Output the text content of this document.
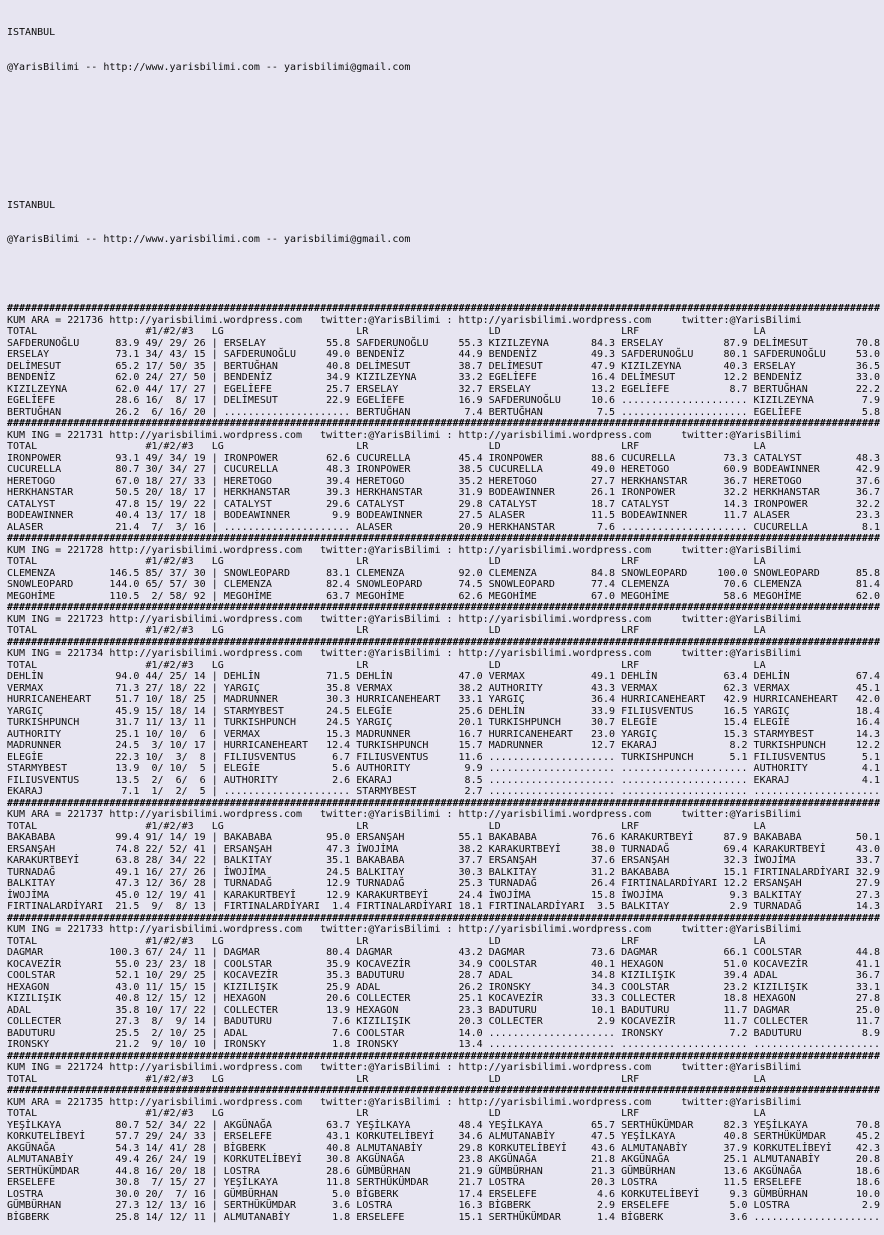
ISTANBUL

@YarisBilimi -- http://www.yarisbilimi.com -- yarisbilimi@gmail.com

ISTANBUL

@YarisBilimi -- http://www.yarisbilimi.com -- yarisbilimi@gmail.com

#################################################################################################################################################
KUM ARA = 221736 http://yarisbilimi.wordpress.com   twitter:@YarisBilimi : http://yarisbilimi.wordpress.com     twitter:@YarisBilimi
TOTAL                  #1/#2/#3   LG                      LR                    LD                    LRF                   LA
SAFDERUNOĞLU      83.9 49/ 29/ 26 | ERSELAY          55.8 SAFDERUNOĞLU     55.3 KIZILZEYNA       84.3 ERSELAY          87.9 DELİMESUT        70.8
ERSELAY           73.1 34/ 43/ 15 | SAFDERUNOĞLU     49.0 BENDENİZ         44.9 BENDENİZ         49.3 SAFDERUNOĞLU     80.1 SAFDERUNOĞLU     53.0
DELİMESUT         65.2 17/ 50/ 35 | BERTUĞHAN        40.8 DELİMESUT        38.7 DELİMESUT        47.9 KIZILZEYNA       40.3 ERSELAY          36.5
BENDENİZ          62.0 24/ 27/ 50 | BENDENİZ         34.9 KIZILZEYNA       33.2 EGELİEFE         16.4 DELİMESUT        12.2 BENDENİZ         33.0
KIZILZEYNA        62.0 44/ 17/ 27 | EGELİEFE         25.7 ERSELAY          32.7 ERSELAY          13.2 EGELİEFE          8.7 BERTUĞHAN        22.2
EGELİEFE          28.6 16/  8/ 17 | DELİMESUT        22.9 EGELİEFE         16.9 SAFDERUNOĞLU     10.6 ..................... KIZILZEYNA        7.9
BERTUĞHAN         26.2  6/ 16/ 20 | ..................... BERTUĞHAN         7.4 BERTUĞHAN         7.5 ..................... EGELİEFE          5.8
#################################################################################################################################################
KUM ING = 221731 http://yarisbilimi.wordpress.com   twitter:@YarisBilimi : http://yarisbilimi.wordpress.com     twitter:@YarisBilimi
TOTAL                  #1/#2/#3   LG                      LR                    LD                    LRF                   LA
IRONPOWER         93.1 49/ 34/ 19 | IRONPOWER        62.6 CUCURELLA        45.4 IRONPOWER        88.6 CUCURELLA        73.3 CATALYST         48.3
CUCURELLA         80.7 30/ 34/ 27 | CUCURELLA        48.3 IRONPOWER        38.5 CUCURELLA        49.0 HERETOGO         60.9 BODEAWINNER      42.9
HERETOGO          67.0 18/ 27/ 33 | HERETOGO         39.4 HERETOGO         35.2 HERETOGO         27.7 HERKHANSTAR      36.7 HERETOGO         37.6
HERKHANSTAR       50.5 20/ 18/ 17 | HERKHANSTAR      39.3 HERKHANSTAR      31.9 BODEAWINNER      26.1 IRONPOWER        32.2 HERKHANSTAR      36.7
CATALYST          47.8 15/ 19/ 22 | CATALYST         29.6 CATALYST         29.8 CATALYST         18.7 CATALYST         14.3 IRONPOWER        32.2
BODEAWINNER       40.4 13/ 17/ 18 | BODEAWINNER       9.9 BODEAWINNER      27.5 ALASER           11.5 BODEAWINNER      11.7 ALASER           23.3
ALASER            21.4  7/  3/ 16 | ..................... ALASER           20.9 HERKHANSTAR       7.6 ..................... CUCURELLA         8.1
#################################################################################################################################################
KUM ING = 221728 http://yarisbilimi.wordpress.com   twitter:@YarisBilimi : http://yarisbilimi.wordpress.com     twitter:@YarisBilimi
TOTAL                  #1/#2/#3   LG                      LR                    LD                    LRF                   LA
CLEMENZA         146.5 85/ 37/ 30 | SNOWLEOPARD      83.1 CLEMENZA         92.0 CLEMENZA         84.8 SNOWLEOPARD     100.0 SNOWLEOPARD      85.8
SNOWLEOPARD      144.0 65/ 57/ 30 | CLEMENZA         82.4 SNOWLEOPARD      74.5 SNOWLEOPARD      77.4 CLEMENZA         70.6 CLEMENZA         81.4
MEGOHİME         110.5  2/ 58/ 92 | MEGOHİME         63.7 MEGOHİME         62.6 MEGOHİME         67.0 MEGOHİME         58.6 MEGOHİME         62.0
#################################################################################################################################################
KUM ING = 221723 http://yarisbilimi.wordpress.com   twitter:@YarisBilimi : http://yarisbilimi.wordpress.com     twitter:@YarisBilimi
TOTAL                  #1/#2/#3   LG                      LR                    LD                    LRF                   LA
#################################################################################################################################################
KUM ING = 221734 http://yarisbilimi.wordpress.com   twitter:@YarisBilimi : http://yarisbilimi.wordpress.com     twitter:@YarisBilimi
TOTAL                  #1/#2/#3   LG                      LR                    LD                    LRF                   LA
DEHLİN            94.0 44/ 25/ 14 | DEHLİN           71.5 DEHLİN           47.0 VERMAX           49.1 DEHLİN           63.4 DEHLİN           67.4
VERMAX            71.3 27/ 18/ 22 | YARGIÇ           35.8 VERMAX           38.2 AUTHORITY        43.3 VERMAX           62.3 VERMAX           45.1
HURRICANEHEART    51.7 10/ 18/ 25 | MADRUNNER        30.3 HURRICANEHEART   33.1 YARGIÇ           36.4 HURRICANEHEART   42.9 HURRICANEHEART   42.0
YARGIÇ            45.9 15/ 18/ 14 | STARMYBEST       24.5 ELEGİE           25.6 DEHLİN           33.9 FILIUSVENTUS     16.5 YARGIÇ           18.4
TURKISHPUNCH      31.7 11/ 13/ 11 | TURKISHPUNCH     24.5 YARGIÇ           20.1 TURKISHPUNCH     30.7 ELEGİE           15.4 ELEGİE           16.4
AUTHORITY         25.1 10/ 10/  6 | VERMAX           15.3 MADRUNNER        16.7 HURRICANEHEART   23.0 YARGIÇ           15.3 STARMYBEST       14.3
MADRUNNER         24.5  3/ 10/ 17 | HURRICANEHEART   12.4 TURKISHPUNCH     15.7 MADRUNNER        12.7 EKARAJ            8.2 TURKISHPUNCH     12.2
ELEGİE            22.3 10/  3/  8 | FILIUSVENTUS      6.7 FILIUSVENTUS     11.6 ..................... TURKISHPUNCH      5.1 FILIUSVENTUS      5.1
STARMYBEST        13.9  0/ 10/  5 | ELEGİE            5.6 AUTHORITY         9.9 ..................... ..................... AUTHORITY         4.1
FILIUSVENTUS      13.5  2/  6/  6 | AUTHORITY         2.6 EKARAJ            8.5 ..................... ..................... EKARAJ            4.1
EKARAJ             7.1  1/  2/  5 | ..................... STARMYBEST        2.7 ..................... ..................... .....................
#################################################################################################################################################
KUM ARA = 221737 http://yarisbilimi.wordpress.com   twitter:@YarisBilimi : http://yarisbilimi.wordpress.com     twitter:@YarisBilimi
TOTAL                  #1/#2/#3   LG                      LR                    LD                    LRF                   LA
BAKABABA          99.4 91/ 14/ 19 | BAKABABA         95.0 ERSANŞAH         55.1 BAKABABA         76.6 KARAKURTBEYİ     87.9 BAKABABA         50.1
ERSANŞAH          74.8 22/ 52/ 41 | ERSANŞAH         47.3 İWOJİMA          38.2 KARAKURTBEYİ     38.0 TURNADAĞ         69.4 KARAKURTBEYİ     43.0
KARAKURTBEYİ      63.8 28/ 34/ 22 | BALKITAY         35.1 BAKABABA         37.7 ERSANŞAH         37.6 ERSANŞAH         32.3 İWOJİMA          33.7
TURNADAĞ          49.1 16/ 27/ 26 | İWOJİMA          24.5 BALKITAY         30.3 BALKITAY         31.2 BAKABABA         15.1 FIRTINALARDİYARI 32.9
BALKITAY          47.3 12/ 36/ 28 | TURNADAĞ         12.9 TURNADAĞ         25.3 TURNADAĞ         26.4 FIRTINALARDİYARI 12.2 ERSANŞAH         27.9
İWOJİMA           45.0 12/ 19/ 41 | KARAKURTBEYİ     12.9 KARAKURTBEYİ     24.4 İWOJİMA          15.8 İWOJİMA           9.3 BALKITAY         27.3
FIRTINALARDİYARI  21.5  9/  8/ 13 | FIRTINALARDİYARI  1.4 FIRTINALARDİYARI 18.1 FIRTINALARDİYARI  3.5 BALKITAY          2.9 TURNADAĞ         14.3
#################################################################################################################################################
KUM ING = 221733 http://yarisbilimi.wordpress.com   twitter:@YarisBilimi : http://yarisbilimi.wordpress.com     twitter:@YarisBilimi
TOTAL                  #1/#2/#3   LG                      LR                    LD                    LRF                   LA
DAGMAR           100.3 67/ 24/ 11 | DAGMAR           80.4 DAGMAR           43.2 DAGMAR           73.6 DAGMAR           66.1 COOLSTAR         44.8
KOCAVEZİR         55.0 23/ 23/ 18 | COOLSTAR         35.9 KOCAVEZİR        34.9 COOLSTAR         40.1 HEXAGON          51.0 KOCAVEZİR        41.1
COOLSTAR          52.1 10/ 29/ 25 | KOCAVEZİR        35.3 BADUTURU         28.7 ADAL             34.8 KIZILIŞIK        39.4 ADAL             36.7
HEXAGON           43.0 11/ 15/ 15 | KIZILIŞIK        25.9 ADAL             26.2 IRONSKY          34.3 COOLSTAR         23.2 KIZILIŞIK        33.1
KIZILIŞIK         40.8 12/ 15/ 12 | HEXAGON          20.6 COLLECTER        25.1 KOCAVEZİR        33.3 COLLECTER        18.8 HEXAGON          27.8
ADAL              35.8 10/ 17/ 22 | COLLECTER        13.9 HEXAGON          23.3 BADUTURU         10.1 BADUTURU         11.7 DAGMAR           25.0
COLLECTER         27.3  8/  9/ 14 | BADUTURU          7.6 KIZILIŞIK        20.3 COLLECTER         2.9 KOCAVEZİR        11.7 COLLECTER        11.7
BADUTURU          25.5  2/ 10/ 25 | ADAL              7.6 COOLSTAR         14.0 ..................... IRONSKY           7.2 BADUTURU          8.9
IRONSKY           21.2  9/ 10/ 10 | IRONSKY           1.8 IRONSKY          13.4 ..................... ..................... .....................
#################################################################################################################################################
KUM ING = 221724 http://yarisbilimi.wordpress.com   twitter:@YarisBilimi : http://yarisbilimi.wordpress.com     twitter:@YarisBilimi
TOTAL                  #1/#2/#3   LG                      LR                    LD                    LRF                   LA
#################################################################################################################################################
KUM ARA = 221735 http://yarisbilimi.wordpress.com   twitter:@YarisBilimi : http://yarisbilimi.wordpress.com     twitter:@YarisBilimi
TOTAL                  #1/#2/#3   LG                      LR                    LD                    LRF                   LA
YEŞİLKAYA         80.7 52/ 34/ 22 | AKGÜNAĞA         63.7 YEŞİLKAYA        48.4 YEŞİLKAYA        65.7 SERTHÜKÜMDAR     82.3 YEŞİLKAYA        70.8
KORKUTELİBEYİ     57.7 29/ 24/ 33 | ERSELEFE         43.1 KORKUTELİBEYİ    34.6 ALMUTANABİY      47.5 YEŞİLKAYA        40.8 SERTHÜKÜMDAR     45.2
AKGÜNAĞA          54.3 14/ 41/ 28 | BİGBERK          40.8 ALMUTANABİY      29.8 KORKUTELİBEYİ    43.6 ALMUTANABİY      37.9 KORKUTELİBEYİ    42.3
ALMUTANABİY       49.4 26/ 24/ 19 | KORKUTELİBEYİ    30.8 AKGÜNAĞA         23.8 AKGÜNAĞA         21.8 AKGÜNAĞA         25.1 ALMUTANABİY      20.8
SERTHÜKÜMDAR      44.8 16/ 20/ 18 | LOSTRA           28.6 GÜMBÜRHAN        21.9 GÜMBÜRHAN        21.3 GÜMBÜRHAN        13.6 AKGÜNAĞA         18.6
ERSELEFE          30.8  7/ 15/ 27 | YEŞİLKAYA        11.8 SERTHÜKÜMDAR     21.7 LOSTRA           20.3 LOSTRA           11.5 ERSELEFE         18.6
LOSTRA            30.0 20/  7/ 16 | GÜMBÜRHAN         5.0 BİGBERK          17.4 ERSELEFE          4.6 KORKUTELİBEYİ     9.3 GÜMBÜRHAN        10.0
GÜMBÜRHAN         27.3 12/ 13/ 16 | SERTHÜKÜMDAR      3.6 LOSTRA           16.3 BİGBERK           2.9 ERSELEFE          5.0 LOSTRA            2.9
BİGBERK           25.8 14/ 12/ 11 | ALMUTANABİY       1.8 ERSELEFE         15.1 SERTHÜKÜMDAR      1.4 BİGBERK           3.6 .....................
